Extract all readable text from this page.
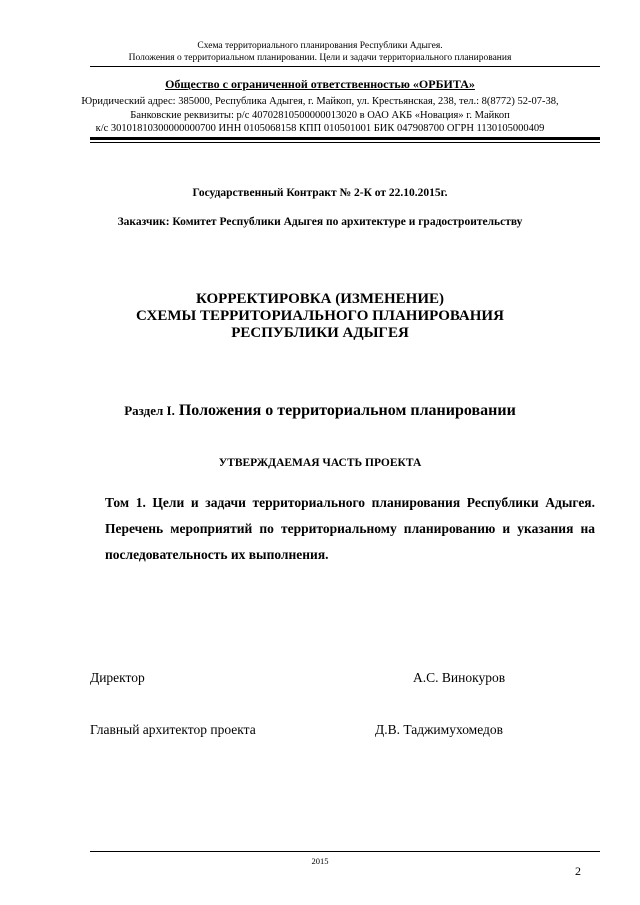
Схема территориального планирования Республики Адыгея.
Положения о территориальном планировании. Цели и задачи территориального планирования
Общество с ограниченной ответственностью «ОРБИТА»
Юридический адрес: 385000, Республика Адыгея, г. Майкоп, ул. Крестьянская, 238, тел.: 8(8772) 52-07-38,
Банковские реквизиты: р/с 40702810500000013020 в ОАО АКБ «Новация» г. Майкоп
к/с 30101810300000000700 ИНН 0105068158 КПП 010501001 БИК 047908700 ОГРН 1130105000409
Государственный Контракт № 2-К от 22.10.2015г.
Заказчик: Комитет Республики Адыгея по архитектуре и градостроительству
КОРРЕКТИРОВКА (ИЗМЕНЕНИЕ)
СХЕМЫ ТЕРРИТОРИАЛЬНОГО ПЛАНИРОВАНИЯ
РЕСПУБЛИКИ АДЫГЕЯ
Раздел I. Положения о территориальном планировании
УТВЕРЖДАЕМАЯ ЧАСТЬ ПРОЕКТА
Том 1. Цели и задачи территориального планирования Республики Адыгея. Перечень мероприятий по территориальному планированию и указания на последовательность их выполнения.
Директор	А.С. Винокуров
Главный архитектор проекта	Д.В. Таджимухомедов
2015
2
